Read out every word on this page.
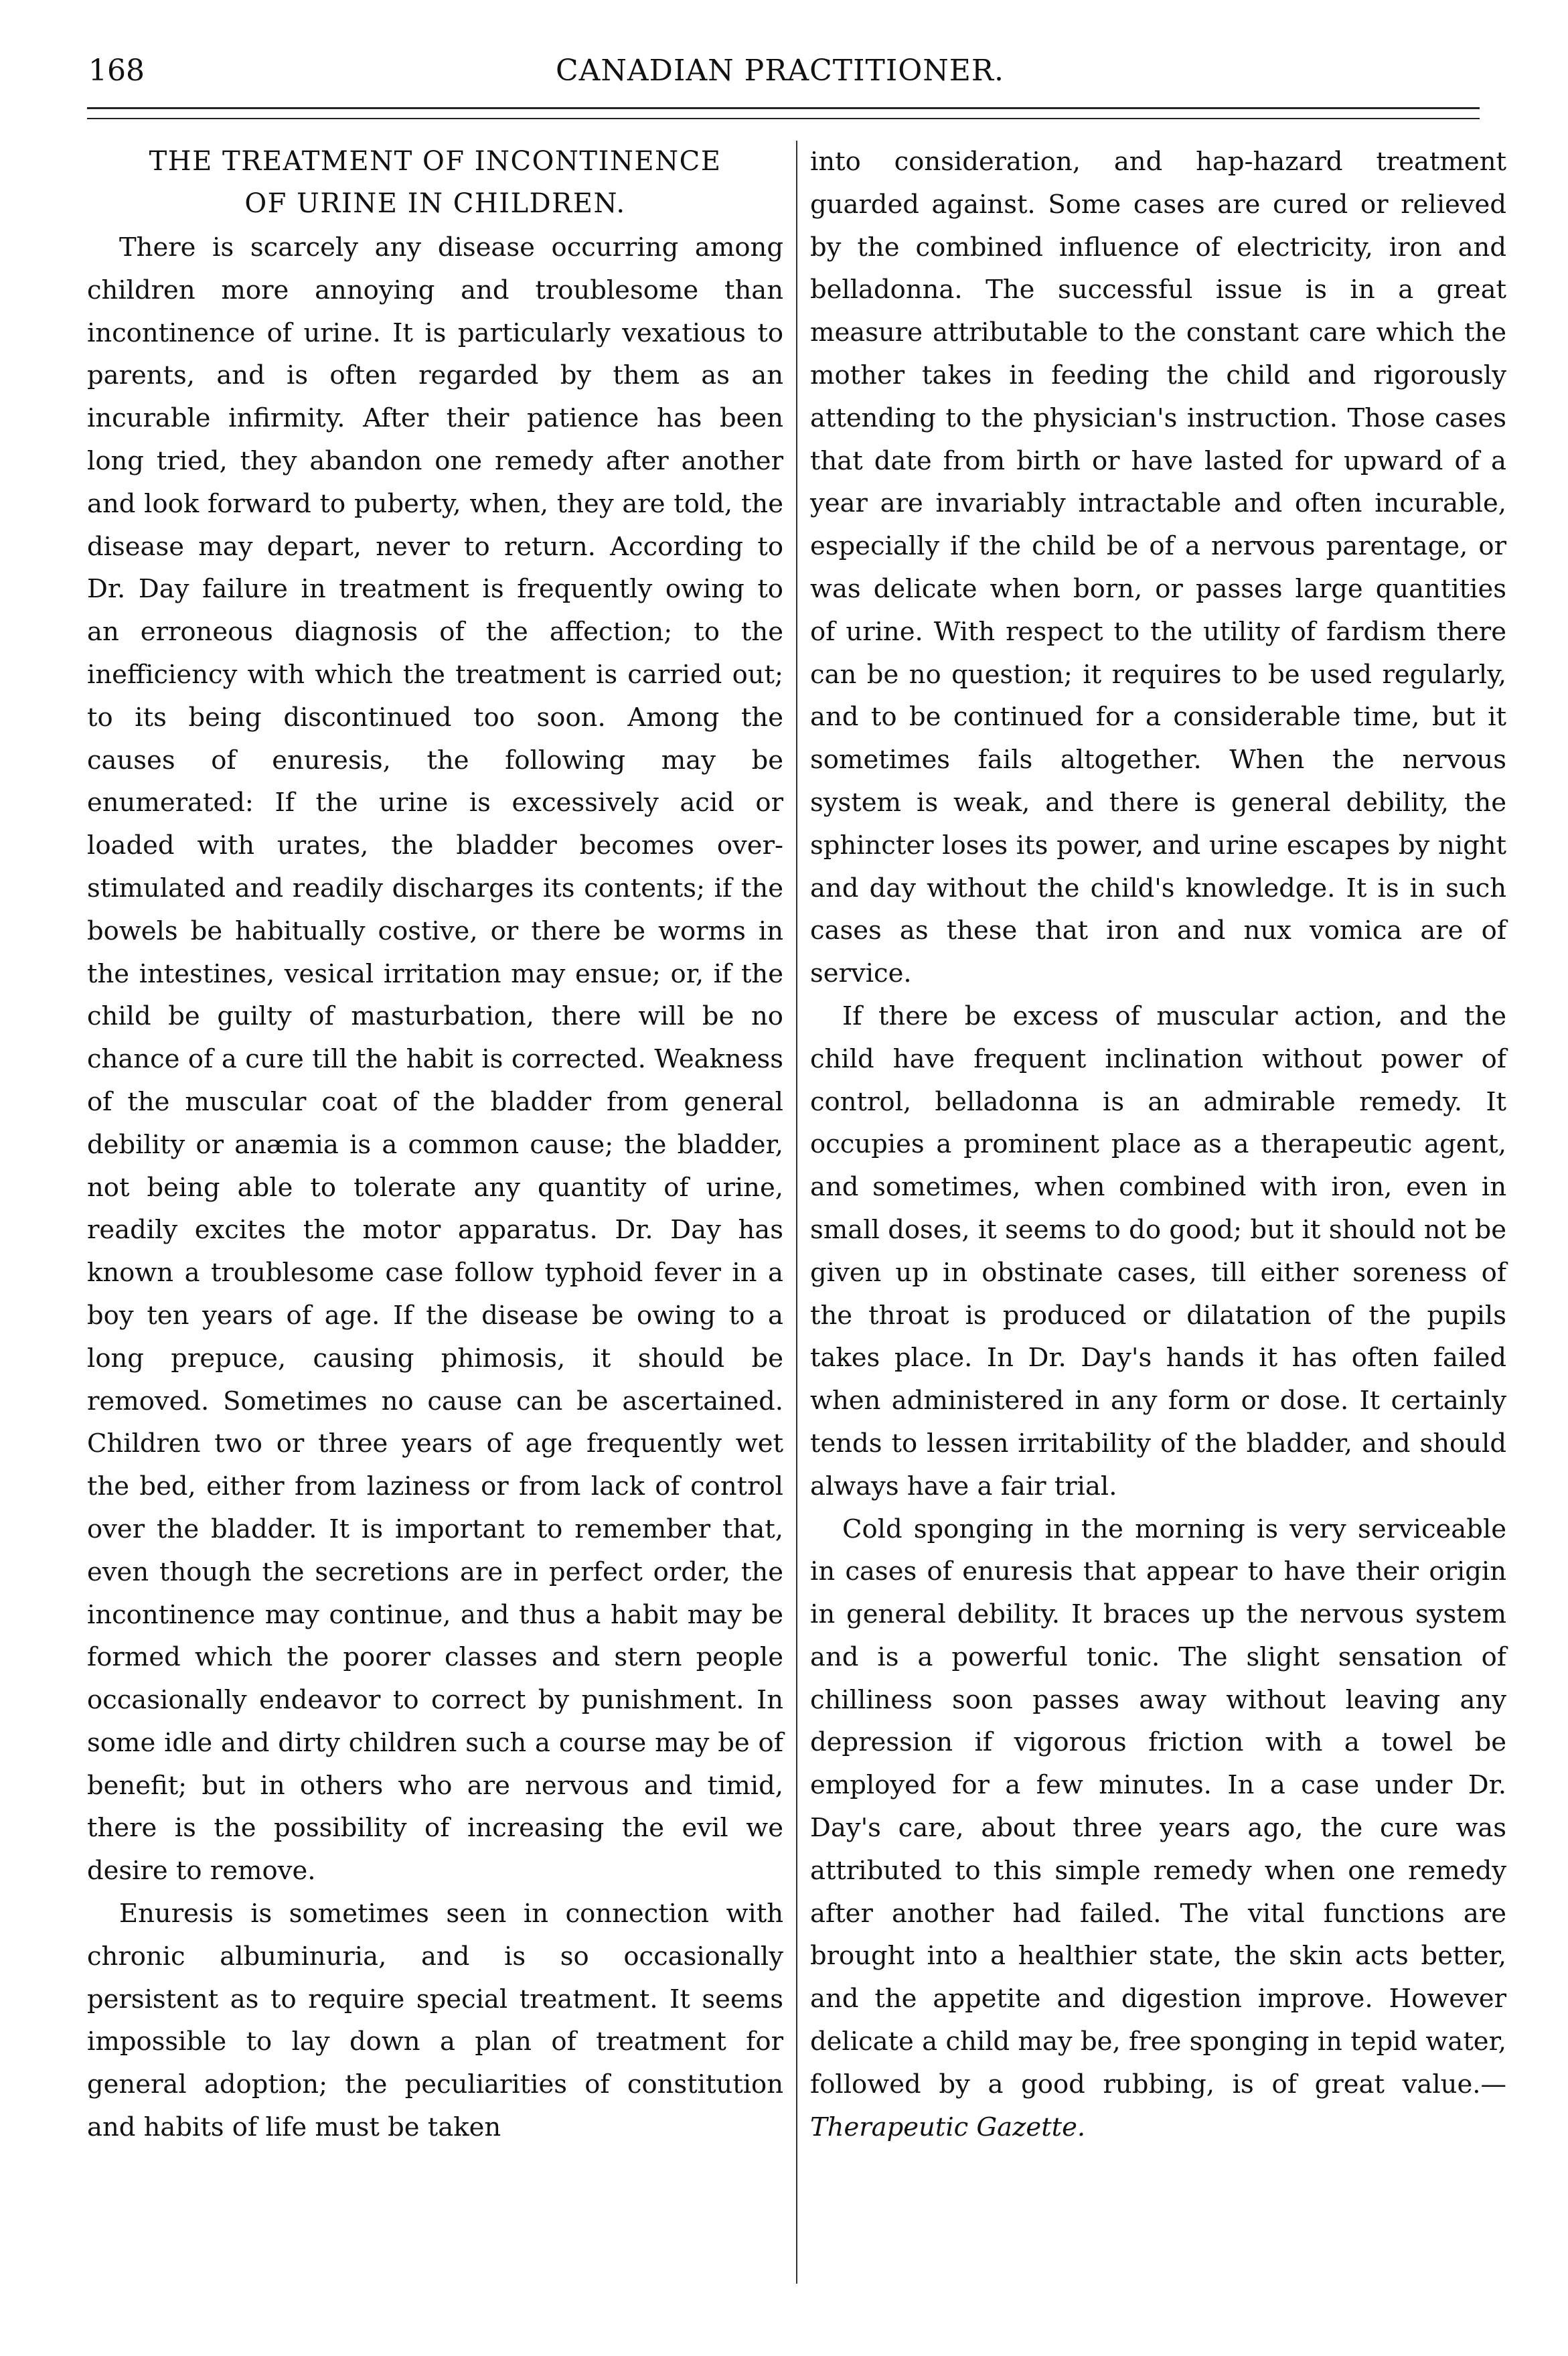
168	CANADIAN PRACTITIONER.
THE TREATMENT OF INCONTINENCE
OF URINE IN CHILDREN.

There is scarcely any disease occurring among children more annoying and troublesome than incontinence of urine. It is particularly vexatious to parents, and is often regarded by them as an incurable infirmity. After their patience has been long tried, they abandon one remedy after another and look forward to puberty, when, they are told, the disease may depart, never to return. According to Dr. Day failure in treatment is frequently owing to an erroneous diagnosis of the affection; to the inefficiency with which the treatment is carried out; to its being discontinued too soon. Among the causes of enuresis, the following may be enumerated: If the urine is excessively acid or loaded with urates, the bladder becomes over-stimulated and readily discharges its contents; if the bowels be habitually costive, or there be worms in the intestines, vesical irritation may ensue; or, if the child be guilty of masturbation, there will be no chance of a cure till the habit is corrected. Weakness of the muscular coat of the bladder from general debility or anæmia is a common cause; the bladder, not being able to tolerate any quantity of urine, readily excites the motor apparatus. Dr. Day has known a troublesome case follow typhoid fever in a boy ten years of age. If the disease be owing to a long prepuce, causing phimosis, it should be removed. Sometimes no cause can be ascertained. Children two or three years of age frequently wet the bed, either from laziness or from lack of control over the bladder. It is important to remember that, even though the secretions are in perfect order, the incontinence may continue, and thus a habit may be formed which the poorer classes and stern people occasionally endeavor to correct by punishment. In some idle and dirty children such a course may be of benefit; but in others who are nervous and timid, there is the possibility of increasing the evil we desire to remove.

Enuresis is sometimes seen in connection with chronic albuminuria, and is so occasionally persistent as to require special treatment. It seems impossible to lay down a plan of treatment for general adoption; the peculiarities of constitution and habits of life must be taken

into consideration, and hap-hazard treatment guarded against. Some cases are cured or relieved by the combined influence of electricity, iron and belladonna. The successful issue is in a great measure attributable to the constant care which the mother takes in feeding the child and rigorously attending to the physician's instruction. Those cases that date from birth or have lasted for upward of a year are invariably intractable and often incurable, especially if the child be of a nervous parentage, or was delicate when born, or passes large quantities of urine. With respect to the utility of fardism there can be no question; it requires to be used regularly, and to be continued for a considerable time, but it sometimes fails altogether. When the nervous system is weak, and there is general debility, the sphincter loses its power, and urine escapes by night and day without the child's knowledge. It is in such cases as these that iron and nux vomica are of service.

If there be excess of muscular action, and the child have frequent inclination without power of control, belladonna is an admirable remedy. It occupies a prominent place as a therapeutic agent, and sometimes, when combined with iron, even in small doses, it seems to do good; but it should not be given up in obstinate cases, till either soreness of the throat is produced or dilatation of the pupils takes place. In Dr. Day's hands it has often failed when administered in any form or dose. It certainly tends to lessen irritability of the bladder, and should always have a fair trial.

Cold sponging in the morning is very serviceable in cases of enuresis that appear to have their origin in general debility. It braces up the nervous system and is a powerful tonic. The slight sensation of chilliness soon passes away without leaving any depression if vigorous friction with a towel be employed for a few minutes. In a case under Dr. Day's care, about three years ago, the cure was attributed to this simple remedy when one remedy after another had failed. The vital functions are brought into a healthier state, the skin acts better, and the appetite and digestion improve. However delicate a child may be, free sponging in tepid water, followed by a good rubbing, is of great value.—Therapeutic Gazette.
